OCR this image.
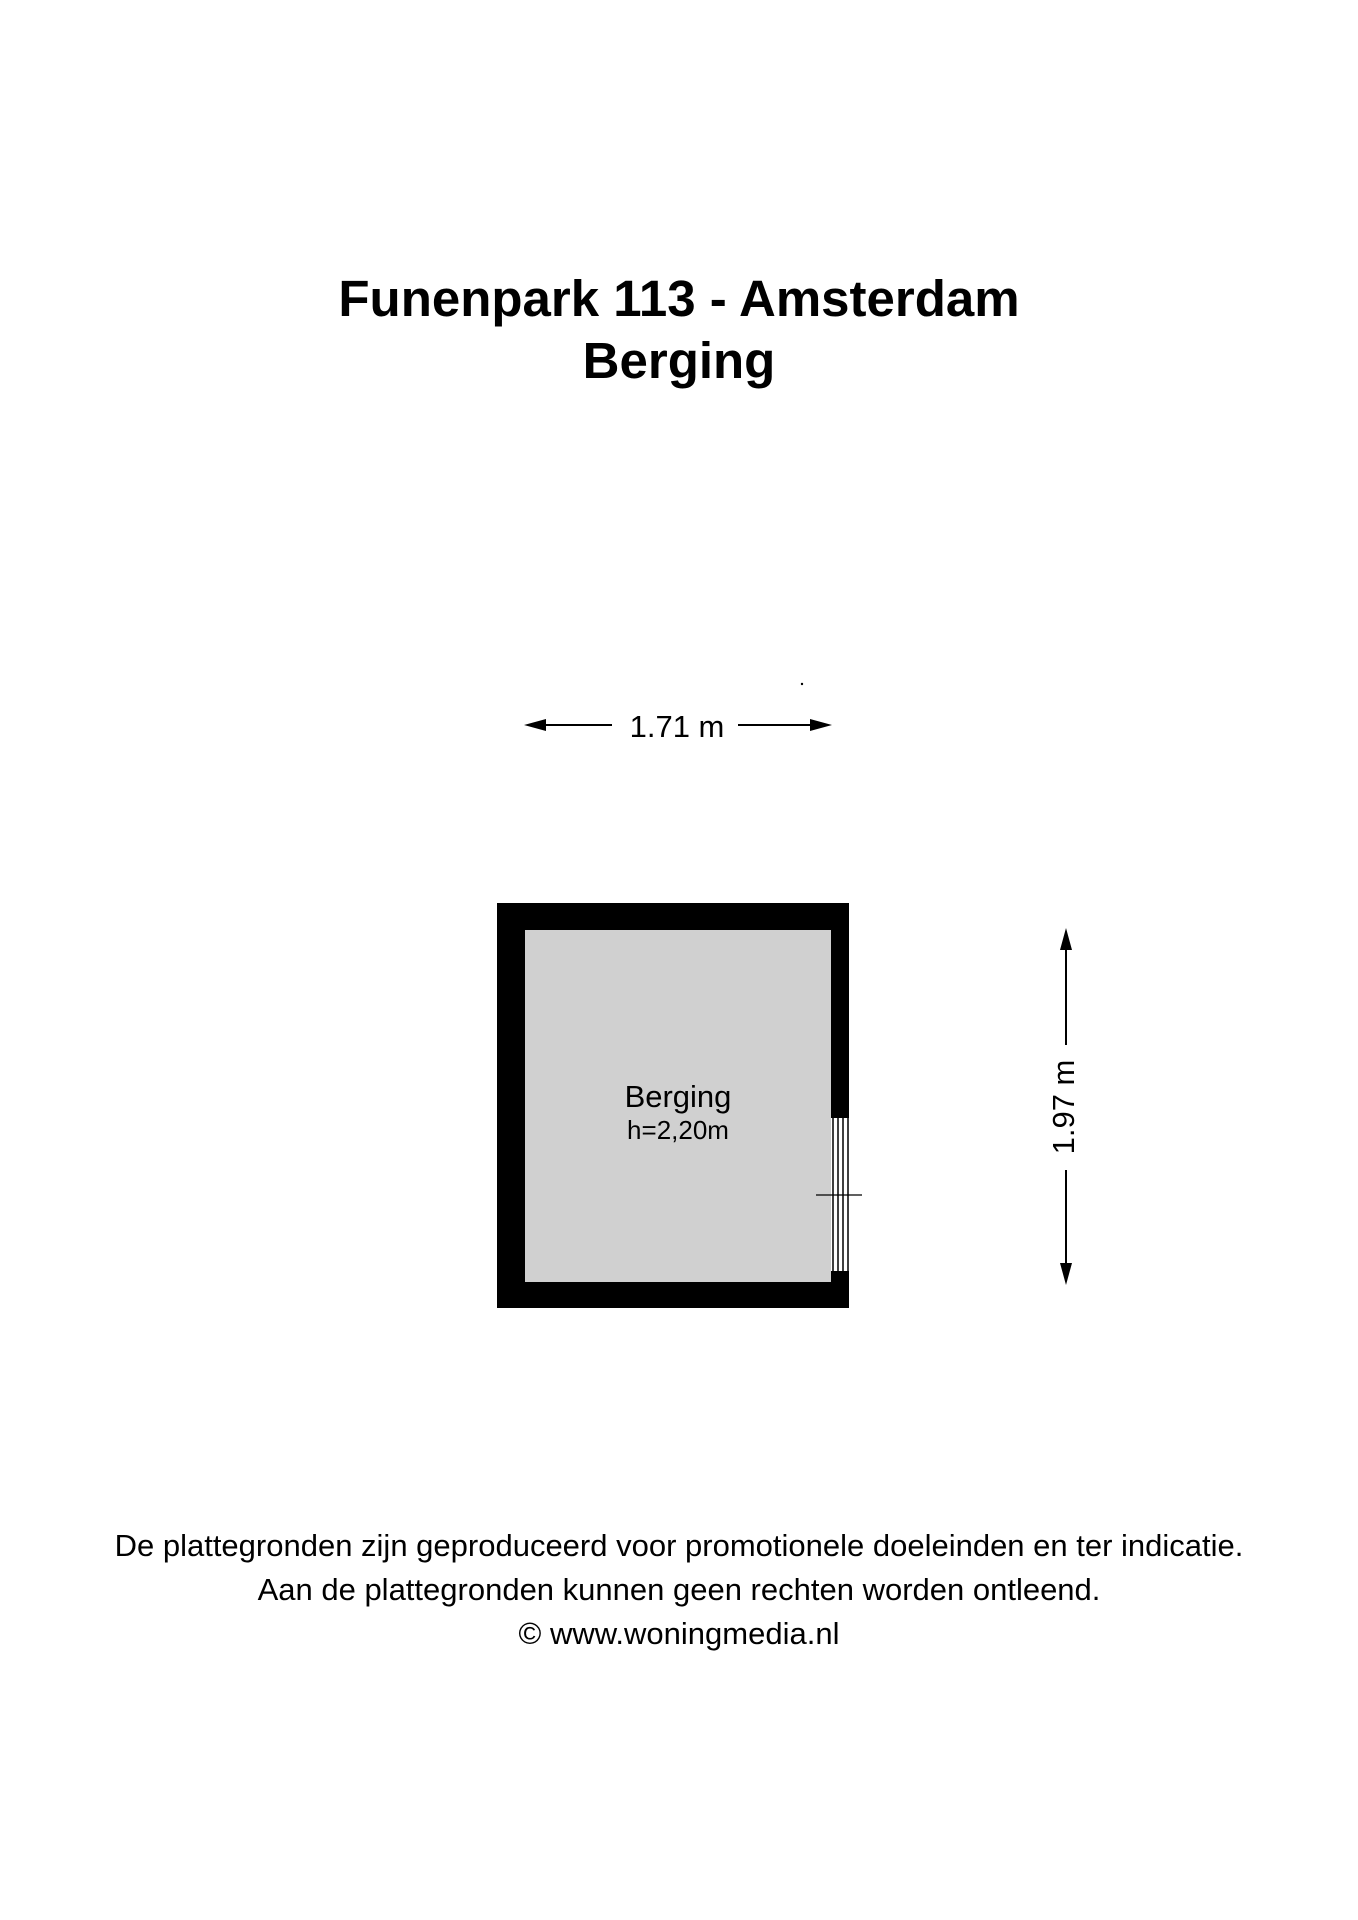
Funenpark 113 - Amsterdam
Berging
1.71 m
1.97 m
Berging
h=2,20m
De plattegronden zijn geproduceerd voor promotionele doeleinden en ter indicatie.
Aan de plattegronden kunnen geen rechten worden ontleend.
© www.woningmedia.nl
